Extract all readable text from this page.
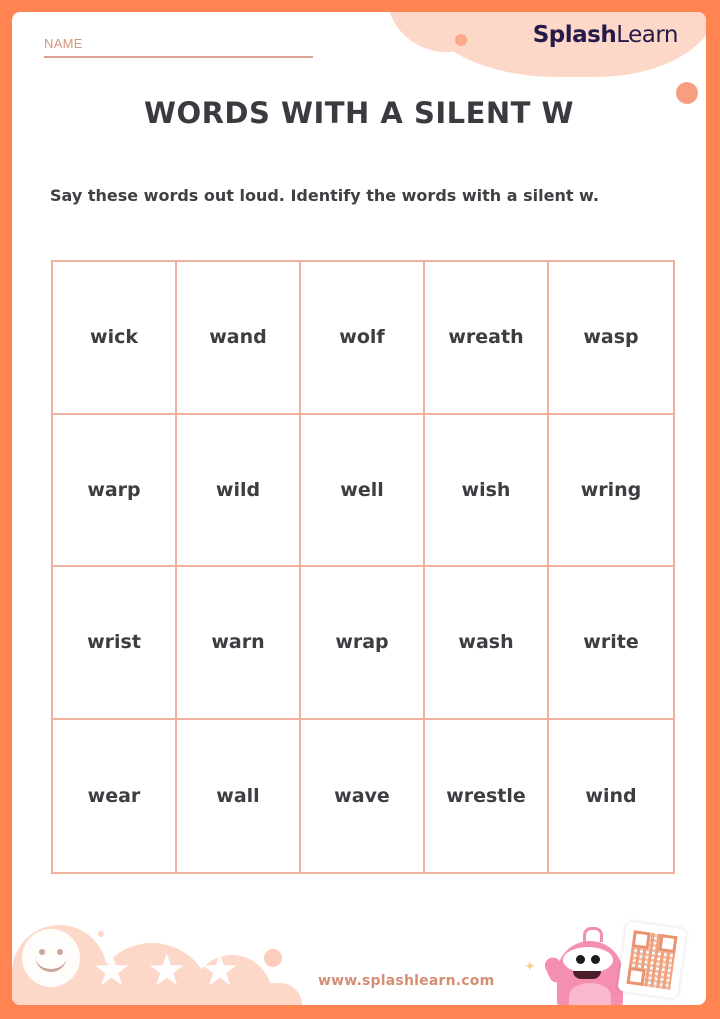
SplashLearn
NAME
WORDS WITH A SILENT W
Say these words out loud. Identify the words with a silent w.
wick	wand	wolf	wreath	wasp
warp	wild	well	wish	wring
wrist	warn	wrap	wash	write
wear	wall	wave	wrestle	wind
★ ★ ★	www.splashlearn.com
✦
